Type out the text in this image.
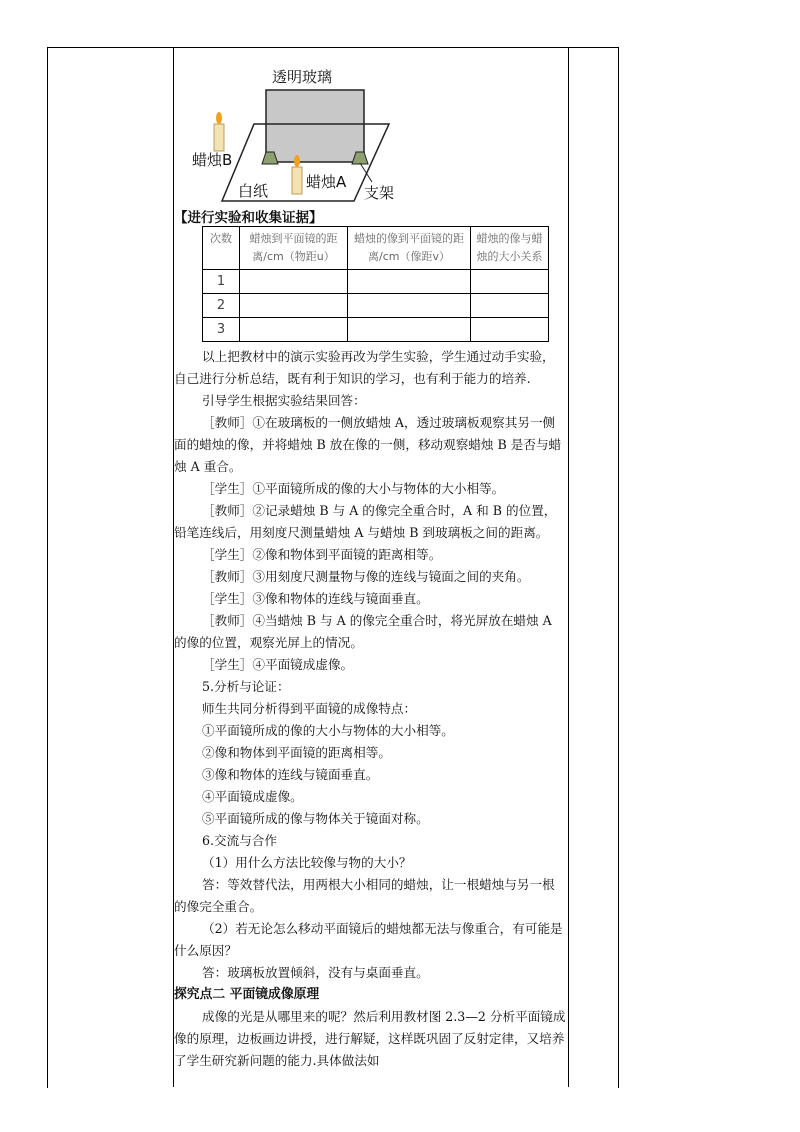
透明玻璃
蜡烛B
白纸	蜡烛A
支架
【进行实验和收集证据】
次数	蜡烛到平面镜的距离/cm（物距u）	蜡烛的像到平面镜的距离/cm（像距v）	蜡烛的像与蜡烛的大小关系
1			
2			
3			

以上把教材中的演示实验再改为学生实验，学生通过动手实验，自己进行分析总结，既有利于知识的学习，也有利于能力的培养.

引导学生根据实验结果回答：

［教师］①在玻璃板的一侧放蜡烛 A，透过玻璃板观察其另一侧面的蜡烛的像，并将蜡烛 B 放在像的一侧，移动观察蜡烛 B 是否与蜡烛 A 重合。

［学生］①平面镜所成的像的大小与物体的大小相等。

［教师］②记录蜡烛 B 与 A 的像完全重合时，A 和 B 的位置，铅笔连线后，用刻度尺测量蜡烛 A 与蜡烛 B 到玻璃板之间的距离。

［学生］②像和物体到平面镜的距离相等。

［教师］③用刻度尺测量物与像的连线与镜面之间的夹角。

［学生］③像和物体的连线与镜面垂直。

［教师］④当蜡烛 B 与 A 的像完全重合时，将光屏放在蜡烛 A 的像的位置，观察光屏上的情况。

［学生］④平面镜成虚像。

5.分析与论证：

师生共同分析得到平面镜的成像特点：

①平面镜所成的像的大小与物体的大小相等。

②像和物体到平面镜的距离相等。

③像和物体的连线与镜面垂直。

④平面镜成虚像。

⑤平面镜所成的像与物体关于镜面对称。

6.交流与合作

（1）用什么方法比较像与物的大小？

答：等效替代法，用两根大小相同的蜡烛，让一根蜡烛与另一根的像完全重合。

（2）若无论怎么移动平面镜后的蜡烛都无法与像重合，有可能是什么原因？

答：玻璃板放置倾斜，没有与桌面垂直。

探究点二 平面镜成像原理

成像的光是从哪里来的呢？然后利用教材图 2.3—2 分析平面镜成像的原理，边板画边讲授，进行解疑，这样既巩固了反射定律，又培养了学生研究新问题的能力.具体做法如
